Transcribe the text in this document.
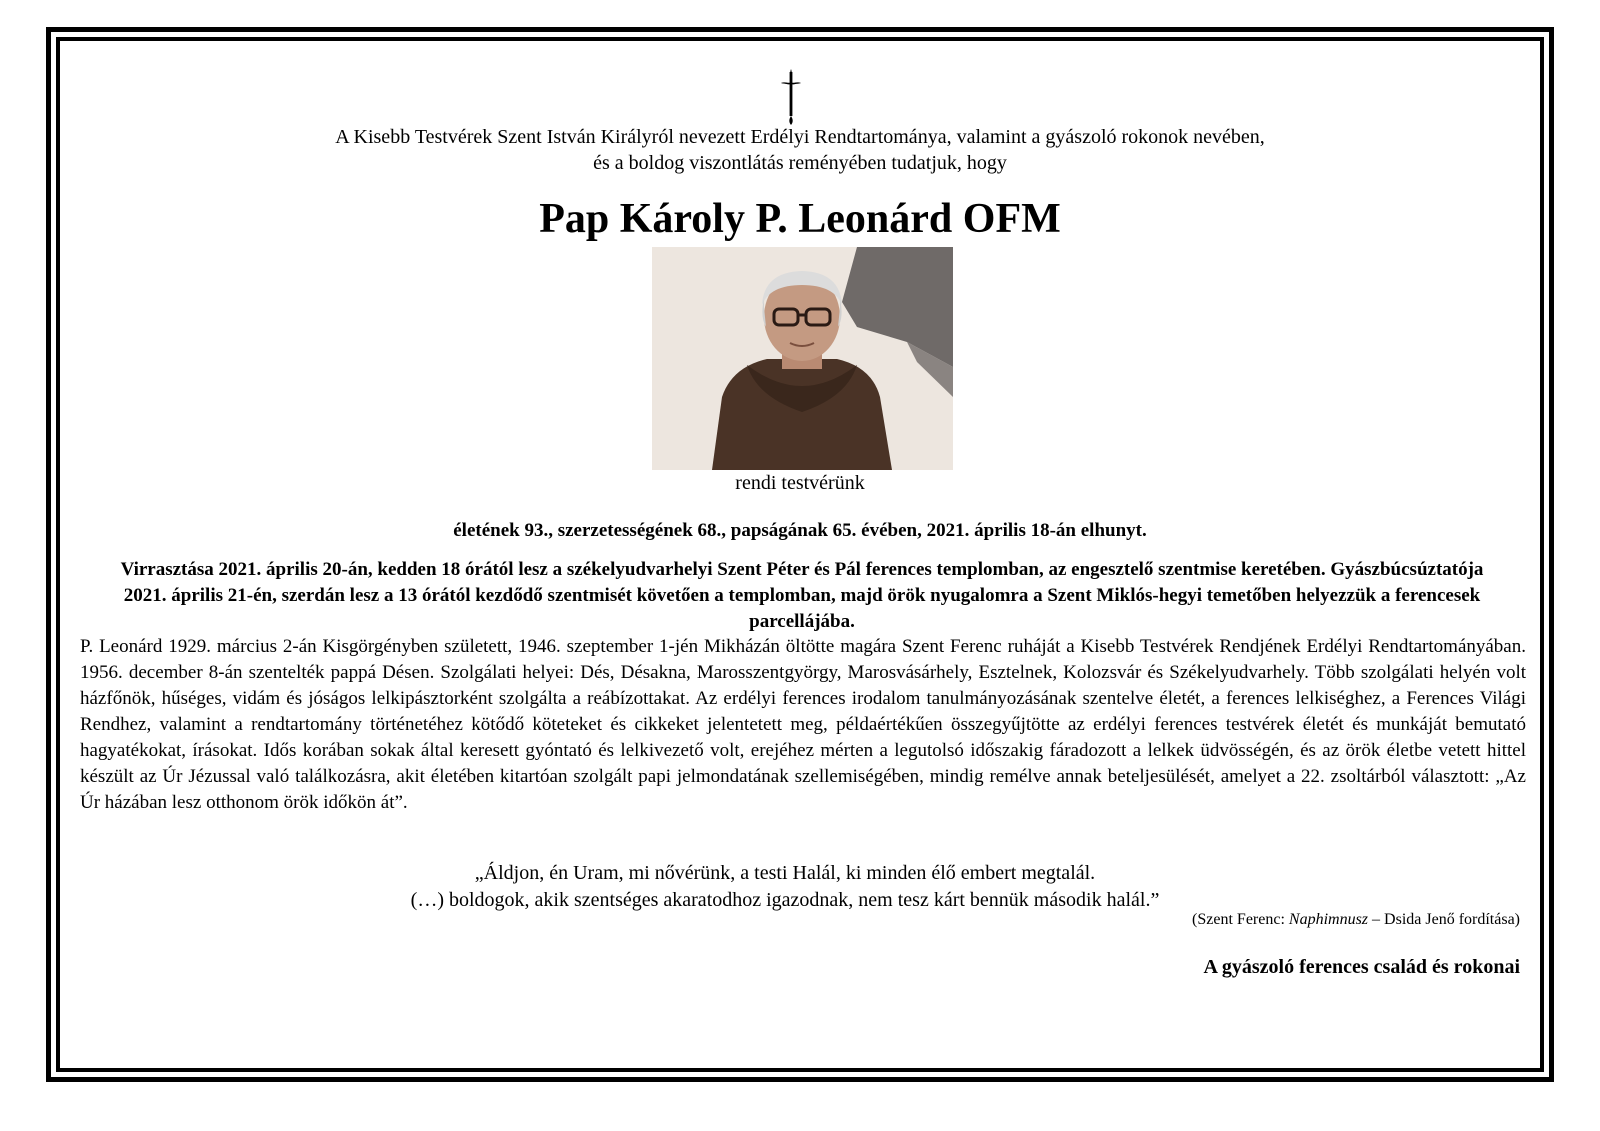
A Kisebb Testvérek Szent István Királyról nevezett Erdélyi Rendtartománya, valamint a gyászoló rokonok nevében,
és a boldog viszontlátás reményében tudatjuk, hogy
Pap Károly P. Leonárd OFM
rendi testvérünk
életének 93., szerzetességének 68., papságának 65. évében, 2021. április 18-án elhunyt.
Virrasztása 2021. április 20-án, kedden 18 órától lesz a székelyudvarhelyi Szent Péter és Pál ferences templomban, az engesztelő szentmise keretében. Gyászbúcsúztatója 2021. április 21-én, szerdán lesz a 13 órától kezdődő szentmisét követően a templomban, majd örök nyugalomra a Szent Miklós-hegyi temetőben helyezzük a ferencesek parcellájába.
P. Leonárd 1929. március 2-án Kisgörgényben született, 1946. szeptember 1-jén Mikházán öltötte magára Szent Ferenc ruháját a Kisebb Testvérek Rendjének Erdélyi Rendtartományában. 1956. december 8-án szentelték pappá Désen. Szolgálati helyei: Dés, Désakna, Marosszentgyörgy, Marosvásárhely, Esztelnek, Kolozsvár és Székelyudvarhely. Több szolgálati helyén volt házfőnök, hűséges, vidám és jóságos lelkipásztorként szolgálta a reábízottakat. Az erdélyi ferences irodalom tanulmányozásának szentelve életét, a ferences lelkiséghez, a Ferences Világi Rendhez, valamint a rendtartomány történetéhez kötődő köteteket és cikkeket jelentetett meg, példaértékűen összegyűjtötte az erdélyi ferences testvérek életét és munkáját bemutató hagyatékokat, írásokat. Idős korában sokak által keresett gyóntató és lelkivezető volt, erejéhez mérten a legutolsó időszakig fáradozott a lelkek üdvösségén, és az örök életbe vetett hittel készült az Úr Jézussal való találkozásra, akit életében kitartóan szolgált papi jelmondatának szellemiségében, mindig remélve annak beteljesülését, amelyet a 22. zsoltárból választott: „Az Úr házában lesz otthonom örök időkön át”.
„Áldjon, én Uram, mi nővérünk, a testi Halál, ki minden élő embert megtalál.
(…) boldogok, akik szentséges akaratodhoz igazodnak, nem tesz kárt bennük második halál.”
(Szent Ferenc: Naphimnusz – Dsida Jenő fordítása)
A gyászoló ferences család és rokonai
